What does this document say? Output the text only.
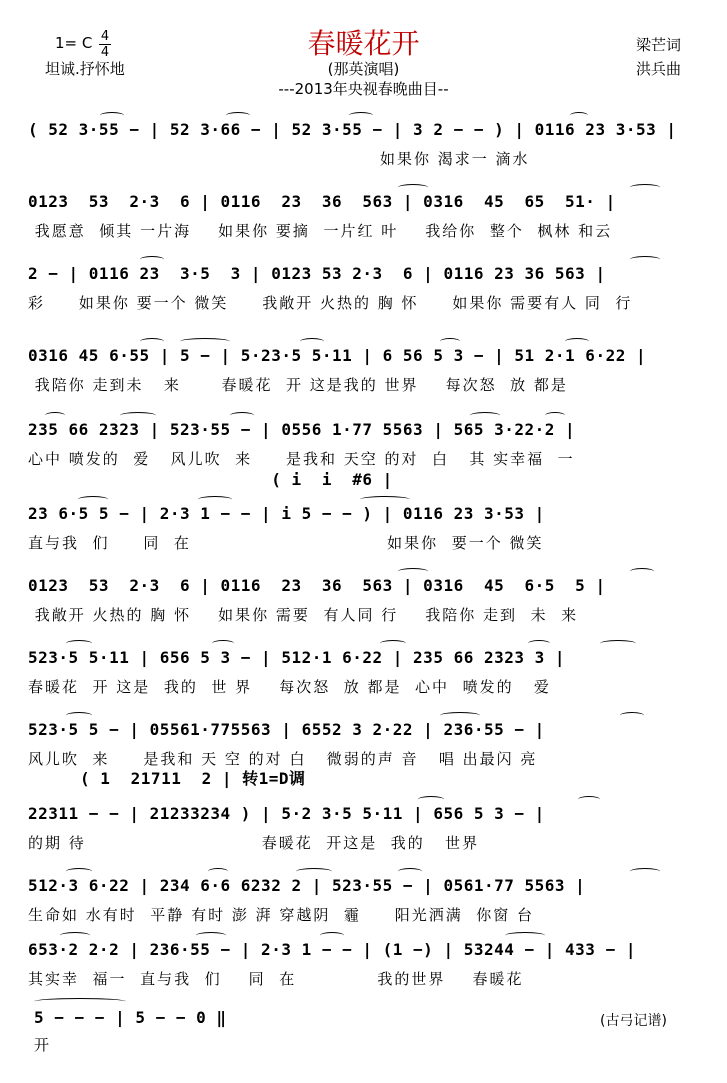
春暖花开
(那英演唱)
---2013年央视春晚曲目--
1= C 4
4
坦诚.抒怀地
梁芒词
洪兵曲
( 52 3·55 − | 52 3·66 − | 52 3·55 − | 3 2 − − ) | 0116 23 3·53 |
如果你 渴求一 滴水
0123  53  2·3  6 | 0116  23  36  563 | 0316  45  65  51· |
我愿意  倾其 一片海    如果你 要摘  一片红 叶    我给你  整个  枫林 和云
2 − | 0116 23  3·5  3 | 0123 53 2·3  6 | 0116 23 36 563 |
彩     如果你 要一个 微笑     我敞开 火热的 胸 怀     如果你 需要有人 同  行
0316 45 6·55 | 5 − | 5·23·5 5·11 | 6 56 5 3 − | 51 2·1 6·22 |
我陪你 走到未   来      春暖花  开 这是我的 世界    每次怒  放 都是
235 66 2323 | 523·55 − | 0556 1·77 5563 | 565 3·22·2 |
心中 喷发的  爱   风儿吹  来     是我和 天空 的对  白   其 实幸福  一
( i  i  #6 |
23 6·5 5 − | 2·3 1 − − | i 5 − − ) | 0116 23 3·53 |
直与我  们     同  在                             如果你  要一个 微笑
0123  53  2·3  6 | 0116  23  36  563 | 0316  45  6·5  5 |
我敞开 火热的 胸 怀    如果你 需要  有人同 行    我陪你 走到  未  来
523·5 5·11 | 656 5 3 − | 512·1 6·22 | 235 66 2323 3 |
春暖花  开 这是  我的  世 界    每次怒  放 都是  心中  喷发的   爱
523·5 5 − | 05561·775563 | 6552 3 2·22 | 236·55 − |
风儿吹  来     是我和 天 空 的对 白   微弱的声 音   唱 出最闪 亮
( 1  21711  2 | 转1=D调
22311 − − | 21233234 ) | 5·2 3·5 5·11 | 656 5 3 − |
的期 待                          春暖花  开这是  我的   世界
512·3 6·22 | 234 6·6 6232 2 | 523·55 − | 0561·77 5563 |
生命如 水有时  平静 有时 澎 湃 穿越阴  霾     阳光洒满  你窗 台
653·2 2·2 | 236·55 − | 2·3 1 − − | (1 −) | 53244 − | 433 − |
其实幸  福一  直与我  们    同  在            我的世界    春暖花
5 − − − | 5 − − 0 ‖
开
(古弓记谱)
